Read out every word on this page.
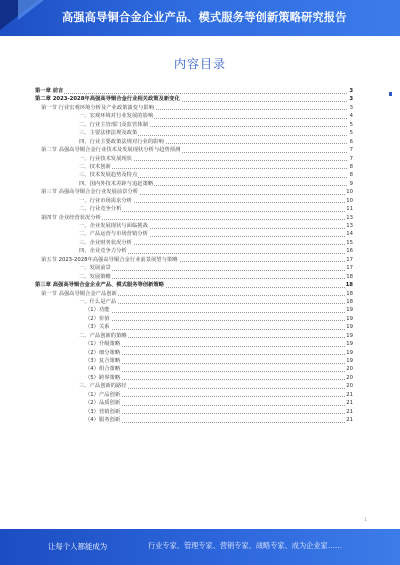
高强高导铜合金企业产品、模式服务等创新策略研究报告
内容目录
第一章 前言	3
第二章 2023-2028年高强高导铜合金行业相关政策及新变化	3
第一节 行业宏观环境分析及产业政策演变与影响	3
一、宏观环境对行业发展的影响	4
二、行业主管部门及监管体制	5
三、主要法律法规及政策	5
四、行业主要政策法规对行业的影响	6
第二节 高强高导铜合金行业技术及发展现状分析与趋势预测	7
一、行业技术发展现状	7
二、技术创新	8
三、技术发展趋势及特点	8
四、国内外技术差距与追赶策略	9
第三节 高强高导铜合金行业发展前景分析	10
一、行业市场需求分析	10
二、行业竞争分析	11
第四节 企业经营状况分析	13
一、企业发展现状与面临挑战	13
二、产品运营与市场营销分析	14
三、企业财务状况分析	15
四、企业竞争力分析	16
第五节 2023-2028年高强高导铜合金行业前景展望与策略	17
一、发展前景	17
二、发展策略	18
第三章 高强高导铜合金企业产品、模式服务等创新策略	18
第一节 高强高导铜合金产品创新	18
一、什么是产品	18
（1）功能	19
（2）价值	19
（3）关系	19
二、产品创新的策略	19
（1）升级策略	19
（2）细分策略	19
（3）复合策略	19
（4）组合策略	20
（5）跨界策略	20
三、产品创新的路径	20
（1）产品创新	21
（2）品质创新	21
（3）营销创新	21
（4）服务创新	21
1
让每个人都能成为	行业专家、管理专家、营销专家、战略专家、成为企业家……
